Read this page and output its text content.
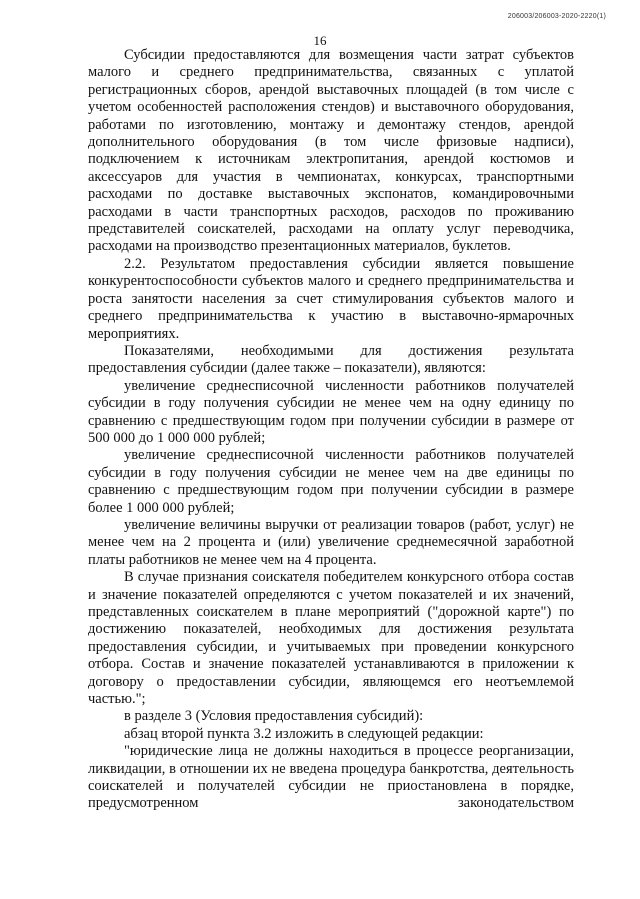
206003/206003-2020-2220(1)
16

Субсидии предоставляются для возмещения части затрат субъектов малого и среднего предпринимательства, связанных с уплатой регистрационных сборов, арендой выставочных площадей (в том числе с учетом особенностей расположения стендов) и выставочного оборудования, работами по изготовлению, монтажу и демонтажу стендов, арендой дополнительного оборудования (в том числе фризовые надписи), подключением к источникам электропитания, арендой костюмов и аксессуаров для участия в чемпионатах, конкурсах, транспортными расходами по доставке выставочных экспонатов, командировочными расходами в части транспортных расходов, расходов по проживанию представителей соискателей, расходами на оплату услуг переводчика, расходами на производство презентационных материалов, буклетов.

2.2. Результатом предоставления субсидии является повышение конкурентоспособности субъектов малого и среднего предпринимательства и роста занятости населения за счет стимулирования субъектов малого и среднего предпринимательства к участию в выставочно-ярмарочных мероприятиях.

Показателями, необходимыми для достижения результата предоставления субсидии (далее также – показатели), являются:

увеличение среднесписочной численности работников получателей субсидии в году получения субсидии не менее чем на одну единицу по сравнению с предшествующим годом при получении субсидии в размере от 500 000 до 1 000 000 рублей;

увеличение среднесписочной численности работников получателей субсидии в году получения субсидии не менее чем на две единицы по сравнению с предшествующим годом при получении субсидии в размере более 1 000 000 рублей;

увеличение величины выручки от реализации товаров (работ, услуг) не менее чем на 2 процента и (или) увеличение среднемесячной заработной платы работников не менее чем на 4 процента.

В случае признания соискателя победителем конкурсного отбора состав и значение показателей определяются с учетом показателей и их значений, представленных соискателем в плане мероприятий ("дорожной карте") по достижению показателей, необходимых для достижения результата предоставления субсидии, и учитываемых при проведении конкурсного отбора. Состав и значение показателей устанавливаются в приложении к договору о предоставлении субсидии, являющемся его неотъемлемой частью.";

в разделе 3 (Условия предоставления субсидий):

абзац второй пункта 3.2 изложить в следующей редакции:

"юридические лица не должны находиться в процессе реорганизации, ликвидации, в отношении их не введена процедура банкротства, деятельность соискателей и получателей субсидии не приостановлена в порядке, предусмотренном законодательством
